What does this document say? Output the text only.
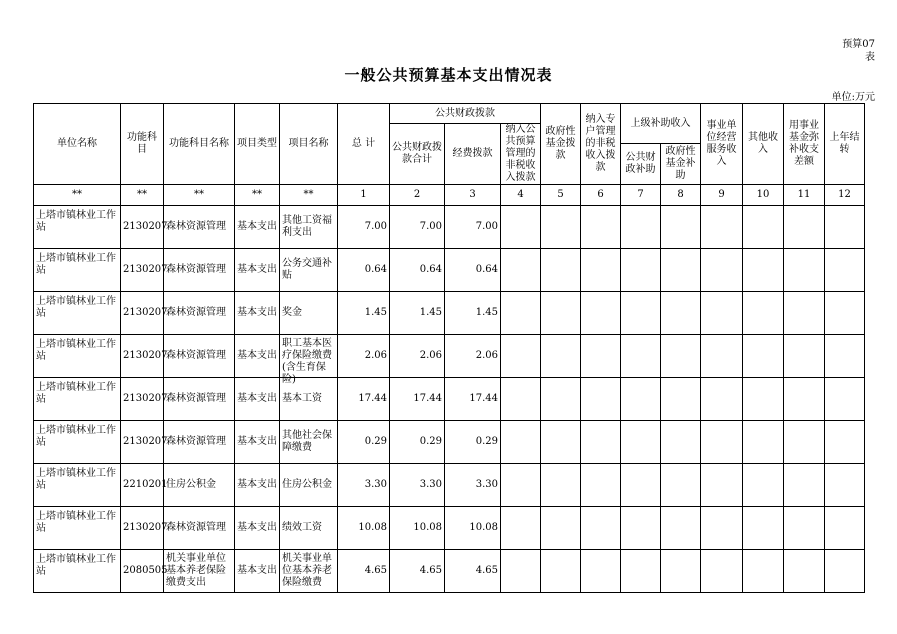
预算07
表
一般公共预算基本支出情况表
单位:万元
单位名称	功能科目	功能科目名称	项目类型	项目名称	总 计	公共财政拨款			政府性基金拨款	纳入专户管理的非税收入拨款	上级补助收入		事业单位经营服务收入	其他收入	用事业基金弥补收支差额	上年结转
						公共财政拨款合计	经费拨款	纳入公共预算管理的非税收入拨款								
											公共财政补助	政府性基金补助				

**	**	**	**	**	1	2	3	4	5	6	7	8	9	10	11	12

上塔市镇林业工作站	2130207	森林资源管理	基本支出	其他工资福利支出	7.00	7.00	7.00									

上塔市镇林业工作站	2130207	森林资源管理	基本支出	公务交通补贴	0.64	0.64	0.64									

上塔市镇林业工作站	2130207	森林资源管理	基本支出	奖金	1.45	1.45	1.45									

上塔市镇林业工作站	2130207	森林资源管理	基本支出	职工基本医疗保险缴费(含生育保险)	2.06	2.06	2.06									

上塔市镇林业工作站	2130207	森林资源管理	基本支出	基本工资	17.44	17.44	17.44									

上塔市镇林业工作站	2130207	森林资源管理	基本支出	其他社会保障缴费	0.29	0.29	0.29									

上塔市镇林业工作站	2210201	住房公积金	基本支出	住房公积金	3.30	3.30	3.30									

上塔市镇林业工作站	2130207	森林资源管理	基本支出	绩效工资	10.08	10.08	10.08									

上塔市镇林业工作站	2080505	机关事业单位基本养老保险缴费支出	基本支出	机关事业单位基本养老保险缴费	4.65	4.65	4.65									
